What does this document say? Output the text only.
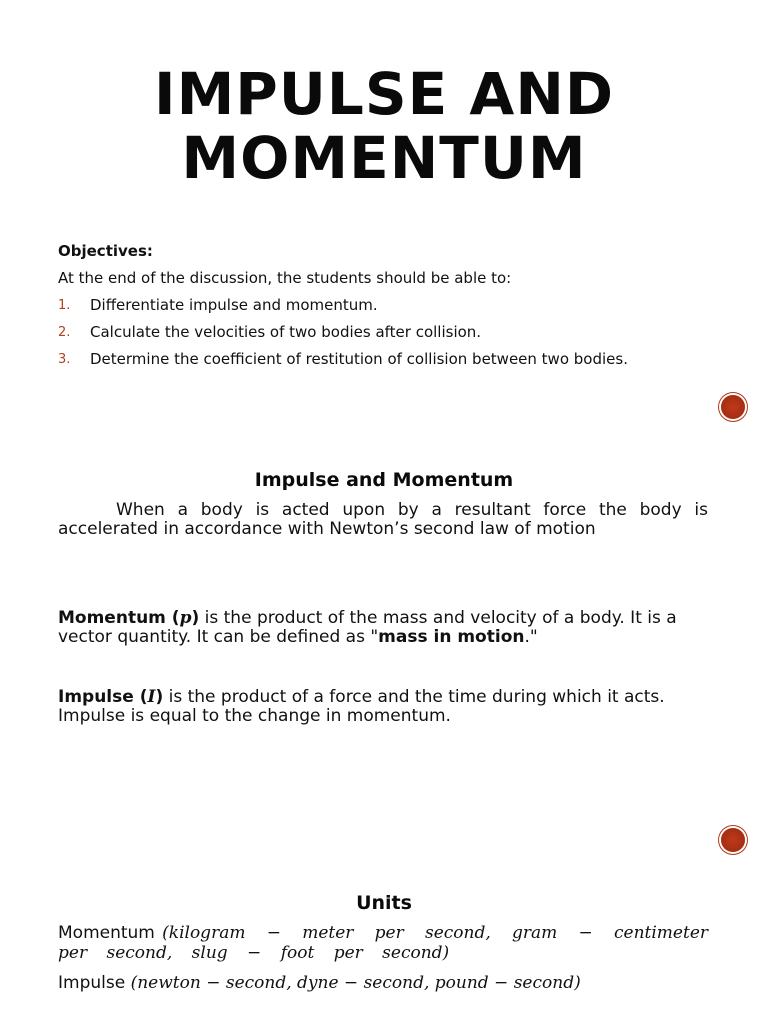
IMPULSE AND
MOMENTUM
Objectives:
At the end of the discussion, the students should be able to:
1. Differentiate impulse and momentum.
2. Calculate the velocities of two bodies after collision.
3. Determine the coefficient of restitution of collision between two bodies.
Impulse and Momentum
When a body is acted upon by a resultant force the body is accelerated in accordance with Newton’s second law of motion
Momentum (p) is the product of the mass and velocity of a body. It is a vector quantity. It can be defined as "mass in motion."
Impulse (I) is the product of a force and the time during which it acts. Impulse is equal to the change in momentum.
Units
Momentum (kilogram − meter per second, gram − centimeter per second, slug − foot per second)
Impulse (newton − second, dyne − second, pound − second)
